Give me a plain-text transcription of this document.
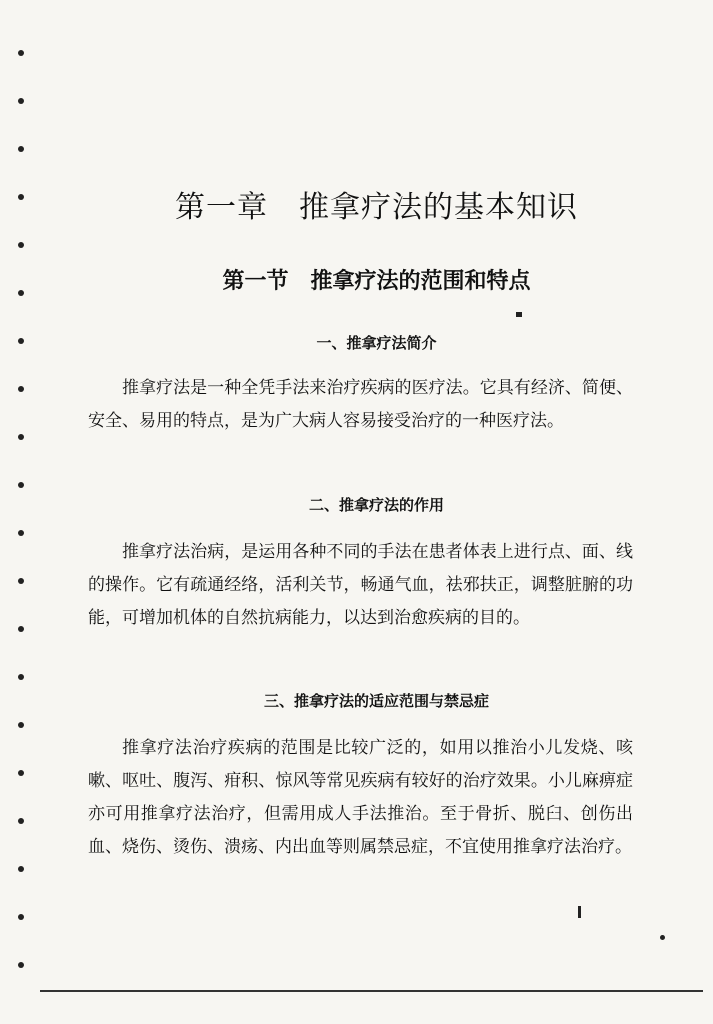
第一章　推拿疗法的基本知识
第一节　推拿疗法的范围和特点
一、推拿疗法简介

推拿疗法是一种全凭手法来治疗疾病的医疗法。它具有经济、简便、安全、易用的特点，是为广大病人容易接受治疗的一种医疗法。

二、推拿疗法的作用

推拿疗法治病，是运用各种不同的手法在患者体表上进行点、面、线的操作。它有疏通经络，活利关节，畅通气血，祛邪扶正，调整脏腑的功能，可增加机体的自然抗病能力，以达到治愈疾病的目的。

三、推拿疗法的适应范围与禁忌症

推拿疗法治疗疾病的范围是比较广泛的，如用以推治小儿发烧、咳嗽、呕吐、腹泻、疳积、惊风等常见疾病有较好的治疗效果。小儿麻痹症亦可用推拿疗法治疗，但需用成人手法推治。至于骨折、脱臼、创伤出血、烧伤、烫伤、溃疡、内出血等则属禁忌症，不宜使用推拿疗法治疗。
